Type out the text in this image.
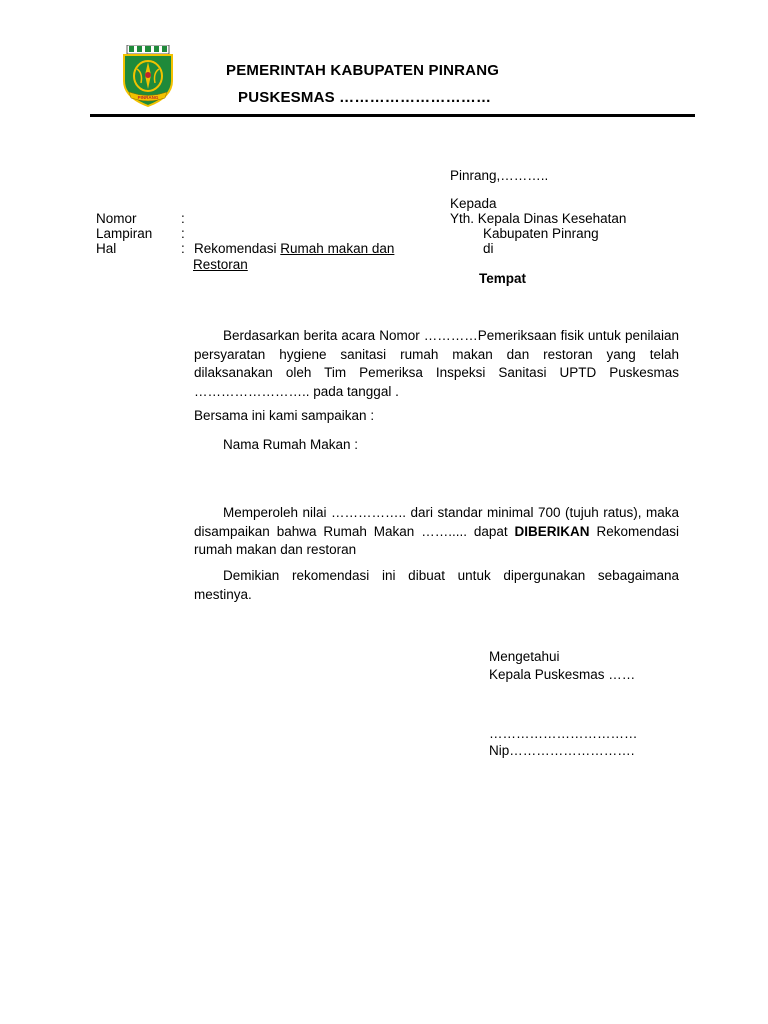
PINRANG
PEMERINTAH KABUPATEN PINRANG
PUSKESMAS …………………………
Pinrang,………..
Kepada
Yth. Kepala Dinas Kesehatan
Kabupaten Pinrang
di
Tempat
Nomor	:
Lampiran :
Hal	: Rekomendasi Rumah makan dan
Restoran
Berdasarkan berita acara Nomor …………Pemeriksaan fisik untuk penilaian persyaratan hygiene sanitasi rumah makan dan restoran yang telah dilaksanakan oleh Tim Pemeriksa Inspeksi Sanitasi UPTD Puskesmas …………………….. pada tanggal .
Bersama ini kami sampaikan :
Nama Rumah Makan :
Memperoleh nilai …………….. dari standar minimal 700 (tujuh ratus), maka disampaikan bahwa Rumah Makan ……..... dapat DIBERIKAN Rekomendasi rumah makan dan restoran
Demikian rekomendasi ini dibuat untuk dipergunakan sebagaimana mestinya.
Mengetahui
Kepala Puskesmas ……
……………………………
Nip……………………….
